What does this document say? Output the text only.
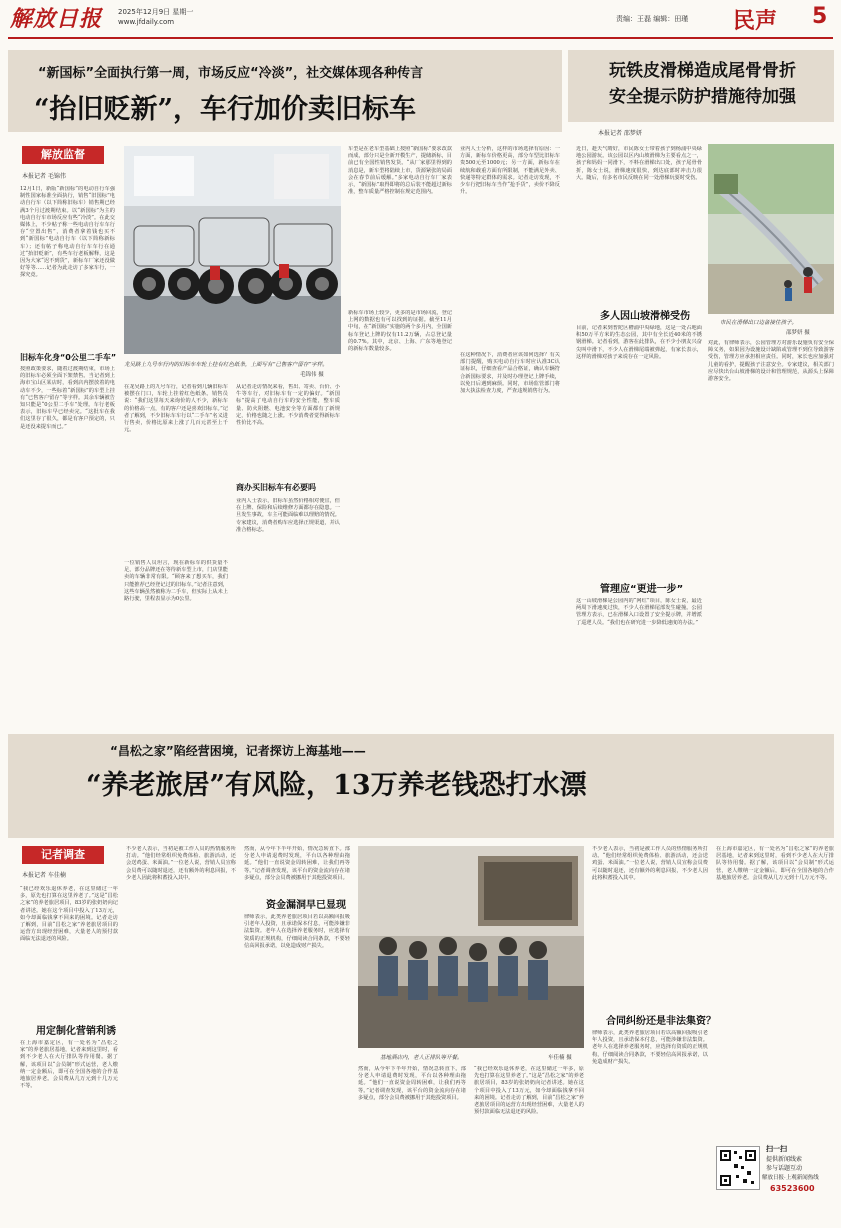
解放日报 2025年12月9日 星期一
www.jfdaily.com	责编：王磊 编辑：田瑾 民声 5
“新国标”全面执行第一周，市场反应“冷淡”，社交媒体现各种传言
“抬旧贬新”，车行加价卖旧标车
解放监督
本报记者 毛锦伟
12月1日，新版“新国标”的电动自行车强制性国家标准全面执行，销售“旧国标”电动自行车（以下简称旧标车）销售期已经满3个月过渡期结束。以“新国标”为主的电动自行车市场反应有些“冷淡”。在此交媒体上，不少帖子称一些电动自行车车行存“空置出售”，消费者拿着钱也买不到“新国标”电动自行车（以下简称新标车）；还有帖子称电动自行车车行在通过“抬旧贬新”，有些车行老板解释，这是因为大家“迟不到货”，新标车厂家还没做好等等……记者为此走访了多家车行，一探究竟。
旧标车化身“0公里二手车”
按照政策要求，随着过渡期结束，市场上的旧标车必须全面下架禁售。当记者到上海市宝山区某店时，看到店内摆放着的电动车不少，一些标着“新国标”的车型上挂有“已售客户留存”等字样。其余车辆被告知只能是“0公里二手车”处理。车行老板表示，旧标车早已经卖完。“这批车在我们这里存了很久，都是有客户预定的，只是还没来提车而已。”
龙吴路上九号车行内的旧标车车轮上挂有红色纸条，上面写有“已售客户留存”字样。
毛锦伟 摄
在龙吴路上的九号车行，记者看到几辆旧标车被摆在门口，车轮上挂着红色纸条。销售员说：“我们这里每天来询价的人不少，新标车的价格高一点，有的客户还是喜欢旧标车。”记者了解到，不少旧标车车行以“二手车”名义进行售卖，价格比原来上涨了几百元甚至上千元。
一位销售人员坦言，现在新标车的供货量不足，部分品牌还在等待新车型上市，门店里能卖的车辆非常有限。“顾客来了想买车，我们只能推荐已经登记过的旧标车。”记者注意到，这些车辆虽然被称为二手车，但实际上从未上路行驶，里程表显示为0公里。
从记者走访情况来看，售出、寄卖、台价、小牛等车行，对旧标车有一定的偏好。“新国标”提高了电动自行车的安全性能，整车质量、防火阻燃、电池安全等方面都有了新规定，价格也随之上涨。不少消费者觉得新标车性价比不高。
商办买旧标车有必要吗
业内人士表示，旧标车虽然价格相对便宜，但在上牌、保险和后续维修方面都存在隐患。一旦发生事故，车主可能面临难以理赔的情况。专家建议，消费者购车应选择正规渠道，并认准合格标志。
车型是在老车型基础上按照“新国标”要求改款而成，部分只是全新开模生产，提储新标，目前已有全国性销售发货。“从厂家那里得到的消息是，新车型将陆续上市，货源紧张的局面会在春节前后缓解。”多家电动自行车厂家表示，“新国标”取得即将的总后装不能超过新标准，整车质量严格控制在规定范围内。
新标车市场上较少，更多的是市场回流，登记上网的数据也有可以找到的证据。截至11月中旬，在“新国标”实施的两个多月内，全国新标车登记上牌的仅有11.2万辆，占总登记量的0.7%。其中，北京、上海、广东等地登记的新标车数量较多。
业内人士分析，这样的市场选择有原因：一方面，新标车价格更高，部分车型比旧标车贵500元至1000元；另一方面，新标车在续航和载重方面有所限制，不能满足外卖、快递等特定群体的需求。记者走访发现，不少车行把旧标车当作“抢手货”，卖价不降反升。
在这种情况下，消费者应该如何选择？有关部门提醒，购买电动自行车时应认准3C认证标识，仔细查看产品合格证，确认车辆符合新国标要求，并及时办理登记上牌手续，以免日后遇到麻烦。同时，市场监管部门将加大执法检查力度，严查违规销售行为。
玩铁皮滑梯造成尾骨骨折
安全提示防护措施待加强
本报记者 邵梦妍
近日，趁天气晴好，市民陈女士带着孩子到杨浦中央绿地公园游玩。该公园以区内山坡滑梯为主要看点之一，孩子和妈妈一同滑下，不料在滑梯出口处，孩子尾骨骨折，陈女士说，滑梯速度很快，到达底部时冲击力很大。随后，有多名市民反映在同一处滑梯玩耍时受伤。
多人因山坡滑梯受伤
目前，记者来到普陀区槽浦中央绿地，这是一处占地面积50万平方米的生态公园，其中有全长近40米的不锈钢滑梯。记者看到，游客在此排队，在不少小朋友兴奋尖叫中滑下，不少人在滑梯尾端被弹起，有家长表示，这样的滑梯对孩子来说存在一定风险。
管理应“更进一步”
这一山坡滑梯是公园内的“网红”项目，陈女士说，最近两周下滑速度过快，不少人在滑梯尾部发生碰撞。公园管理方表示，已在滑梯入口设置了安全提示牌，并增派了巡逻人员。“我们也在研究进一步降低速度的办法。”
市民在滑梯出口边备接住孩子。
邵梦妍 摄
对此，有律师表示，公园管理方对游乐设施负有安全保障义务，如果因为设施设计缺陷或管理不到位导致游客受伤，管理方应承担相应责任。同时，家长也应加强对儿童的看护，提醒孩子注意安全。专家建议，相关部门应尽快出台山坡滑梯的设计和管理规范，从源头上保障游客安全。
“昌松之家”陷经营困境，记者探访上海基地——
“养老旅居”有风险，13万养老钱恐打水漂
记者调查
本报记者 车佳楠
“我已经欢乐退休养老，在这里储过一年多，原先也打算在这里养老了。”这是“昌松之家”的养老旅居项目，83岁的张奶奶向记者讲述。她在这个项目中投入了13万元，如今却面临钱拿不回来的困境。记者走访了解到，目前“昌松之家”养老旅居项目的运营方出现经营困难，大量老人的预付款面临无法退还的风险。
用定制化营销利诱
在上海市嘉定区，有一处名为“昌松之家”的养老旅居基地，记者来到这里时，看到不少老人在大厅排队等待用餐。据了解，该项目以“会员制”形式运营，老人缴纳一定金额后，即可在全国各地的合作基地旅居养老。会员费从几万元到十几万元不等。
不少老人表示，当初是被工作人员的热情服务所打动。“他们经常组织免费体检、旅游活动，还会送鸡蛋、米面油。”一位老人说，营销人员宣称会员费可以随时退还，还有额外的利息回报，不少老人因此将积蓄投入其中。
然而，从今年下半年开始，情况急转直下。部分老人申请退费时发现，平台以各种理由拖延。“他们一直说资金周转困难，让我们再等等。”记者调查发现，该平台的资金流向存在诸多疑点，部分会员费被挪用于其他投资项目。
资金漏洞早已显现
律师表示，此类养老旅居项目若以高额回报吸引老年人投资，且承诺保本付息，可能涉嫌非法集资。老年人在选择养老服务时，应选择有资质的正规机构，仔细阅读合同条款，不要轻信高回报承诺，以免造成财产损失。
基地酒店内，老人正排队等开餐。	车佳楠 摄
然而，从今年下半年开始，情况急转直下。部分老人申请退费时发现，平台以各种理由拖延。“他们一直说资金周转困难，让我们再等等。”记者调查发现，该平台的资金流向存在诸多疑点，部分会员费被挪用于其他投资项目。
“我已经欢乐退休养老，在这里储过一年多，原先也打算在这里养老了。”这是“昌松之家”的养老旅居项目，83岁的张奶奶向记者讲述。她在这个项目中投入了13万元，如今却面临钱拿不回来的困境。记者走访了解到，目前“昌松之家”养老旅居项目的运营方出现经营困难，大量老人的预付款面临无法退还的风险。
不少老人表示，当初是被工作人员的热情服务所打动。“他们经常组织免费体检、旅游活动，还会送鸡蛋、米面油。”一位老人说，营销人员宣称会员费可以随时退还，还有额外的利息回报，不少老人因此将积蓄投入其中。
合同纠纷还是非法集资？
律师表示，此类养老旅居项目若以高额回报吸引老年人投资，且承诺保本付息，可能涉嫌非法集资。老年人在选择养老服务时，应选择有资质的正规机构，仔细阅读合同条款，不要轻信高回报承诺，以免造成财产损失。
在上海市嘉定区，有一处名为“昌松之家”的养老旅居基地，记者来到这里时，看到不少老人在大厅排队等待用餐。据了解，该项目以“会员制”形式运营，老人缴纳一定金额后，即可在全国各地的合作基地旅居养老。会员费从几万元到十几万元不等。
扫一扫
提供新闻线索
参与话题互动
解放日报·上观新闻热线
63523600
